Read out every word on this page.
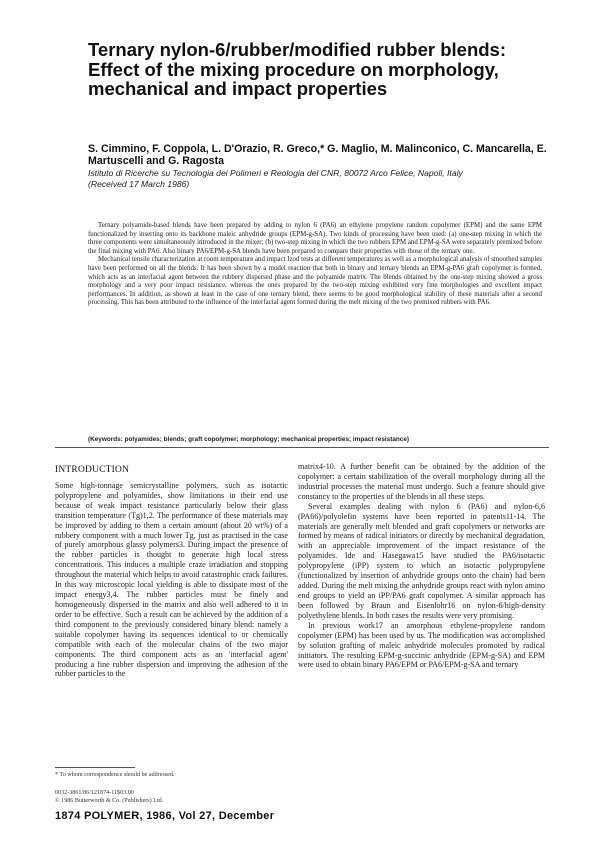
Ternary nylon-6/rubber/modified rubber blends: Effect of the mixing procedure on morphology, mechanical and impact properties
S. Cimmino, F. Coppola, L. D'Orazio, R. Greco,* G. Maglio, M. Malinconico, C. Mancarella, E. Martuscelli and G. Ragosta
Istituto di Ricerche su Tecnologia dei Polimeri e Reologia del CNR, 80072 Arco Felice, Napoli, Italy
(Received 17 March 1986)

Ternary polyamide-based blends have been prepared by adding to nylon 6 (PA6) an ethylene propylene random copolymer (EPM) and the same EPM functionalized by inserting onto its backbone maleic anhydride groups (EPM-g-SA). Two kinds of processing have been used: (a) one-step mixing in which the three components were simultaneously introduced in the mixer; (b) two-step mixing in which the two rubbers EPM and EPM-g-SA were separately premixed before the final mixing with PA6. Also binary PA6/EPM-g-SA blends have been prepared to compare their properties with those of the ternary one.

Mechanical tensile characterization at room temperature and impact Izod tests at different temperatures as well as a morphological analysis of smoothed samples have been performed on all the blends. It has been shown by a model reaction that both in binary and ternary blends an EPM-g-PA6 graft copolymer is formed, which acts as an interfacial agent between the rubbery dispersed phase and the polyamide matrix. The blends obtained by the one-step mixing showed a gross morphology and a very poor impact resistance, whereas the ones prepared by the two-step mixing exhibited very fine morphologies and excellent impact performances. In addition, as shown at least in the case of one ternary blend, there seems to be good morphological stability of these materials after a second processing. This has been attributed to the influence of the interfacial agent formed during the melt mixing of the two premixed rubbers with PA6.

(Keywords: polyamides; blends; graft copolymer; morphology; mechanical properties; impact resistance)
INTRODUCTION

Some high-tonnage semicrystalline polymers, such as isotactic polypropylene and polyamides, show limitations in their end use because of weak impact resistance particularly below their glass transition temperature (Tg)1,2. The performance of these materials may be improved by adding to them a certain amount (about 20 wt%) of a rubbery component with a much lower Tg, just as practised in the case of purely amorphous glassy polymers3. During impact the presence of the rubber particles is thought to generate high local stress concentrations. This induces a multiple craze irradiation and stopping throughout the material which helps to avoid catastrophic crack failures. In this way microscopic local yielding is able to dissipate most of the impact energy3,4. The rubber particles must be finely and homogeneously dispersed in the matrix and also well adhered to it in order to be effective. Such a result can be achieved by the addition of a third component to the previously considered binary blend: namely a suitable copolymer having its sequences identical to or chemically compatible with each of the molecular chains of the two major components. The third component acts as an 'interfacial agent' producing a fine rubber dispersion and improving the adhesion of the rubber particles to the

matrix4-10. A further benefit can be obtained by the addition of the copolymer: a certain stabilization of the overall morphology during all the industrial processes the material must undergo. Such a feature should give constancy to the properties of the blends in all these steps.

Several examples dealing with nylon 6 (PA6) and nylon-6,6 (PA66)/polyolefin systems have been reported in patents11-14. The materials are generally melt blended and graft copolymers or networks are formed by means of radical initiators or directly by mechanical degradation, with an appreciable improvement of the impact resistance of the polyamides. Ide and Hasegawa15 have studied the PA6/isotactic polypropylene (iPP) system to which an isotactic polypropylene (functionalized by insertion of anhydride groups onto the chain) had been added. During the melt mixing the anhydride groups react with nylon amino end groups to yield an iPP/PA6 graft copolymer. A similar approach has been followed by Braun and Eisenlohr16 on nylon-6/high-density polyethylene blends. In both cases the results were very promising.

In previous work17 an amorphous ethylene-propylene random copolymer (EPM) has been used by us. The modification was accomplished by solution grafting of maleic anhydride molecules promoted by radical initiators. The resulting EPM-g-succinic anhydride (EPM-g-SA) and EPM were used to obtain binary PA6/EPM or PA6/EPM-g-SA and ternary

* To whom correspondence should be addressed.
0032-3861/86/121874-11$03.00
© 1986 Butterworth & Co. (Publishers) Ltd.
1874 POLYMER, 1986, Vol 27, December
